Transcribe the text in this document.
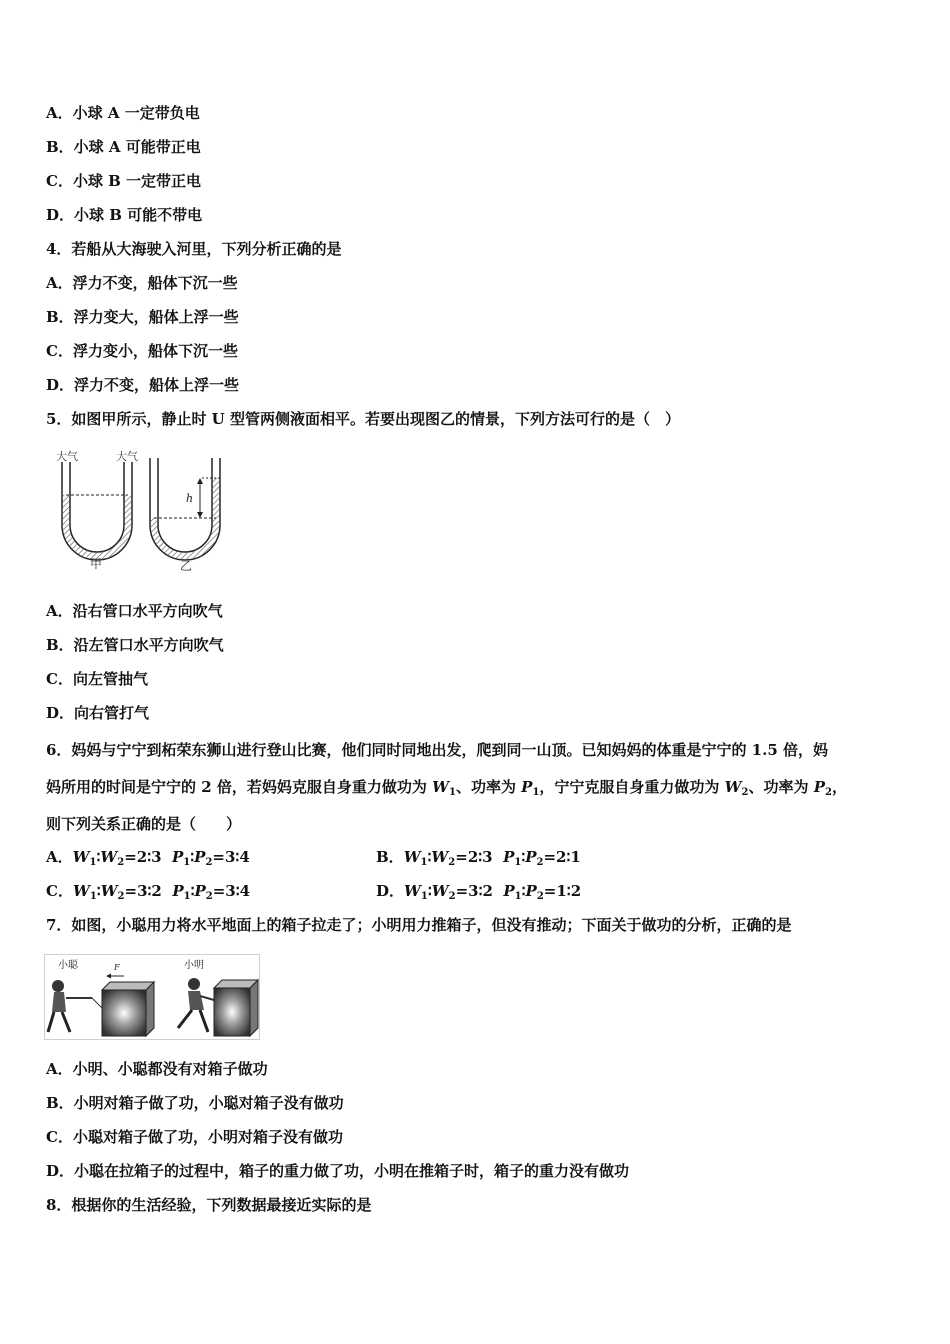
A．小球 A 一定带负电
B．小球 A 可能带正电
C．小球 B 一定带正电
D．小球 B 可能不带电
4．若船从大海驶入河里，下列分析正确的是
A．浮力不变，船体下沉一些
B．浮力变大，船体上浮一些
C．浮力变小，船体下沉一些
D．浮力不变，船体上浮一些
5．如图甲所示，静止时 U 型管两侧液面相平。若要出现图乙的情景，下列方法可行的是（　）
大气	大气
甲
h
乙
A．沿右管口水平方向吹气
B．沿左管口水平方向吹气
C．向左管抽气
D．向右管打气
6．妈妈与宁宁到柘荣东狮山进行登山比赛，他们同时同地出发，爬到同一山顶。已知妈妈的体重是宁宁的 1.5 倍，妈
妈所用的时间是宁宁的 2 倍，若妈妈克服自身重力做功为 $W_1$、功率为 $P_1$，宁宁克服自身重力做功为 $W_2$、功率为 $P_2$，
则下列关系正确的是（　　）
A．$W_1∶W_2=2∶3$ $P_1∶P_2=3∶4$	B．$W_1∶W_2=2∶3$ $P_1∶P_2=2∶1$
C．$W_1∶W_2=3∶2$ $P_1∶P_2=3∶4$	D．$W_1∶W_2=3∶2$ $P_1∶P_2=1∶2$
7．如图，小聪用力将水平地面上的箱子拉走了；小明用力推箱子，但没有推动；下面关于做功的分析，正确的是
小聪	小明
F
A．小明、小聪都没有对箱子做功
B．小明对箱子做了功，小聪对箱子没有做功
C．小聪对箱子做了功，小明对箱子没有做功
D．小聪在拉箱子的过程中，箱子的重力做了功，小明在推箱子时，箱子的重力没有做功
8．根据你的生活经验，下列数据最接近实际的是
